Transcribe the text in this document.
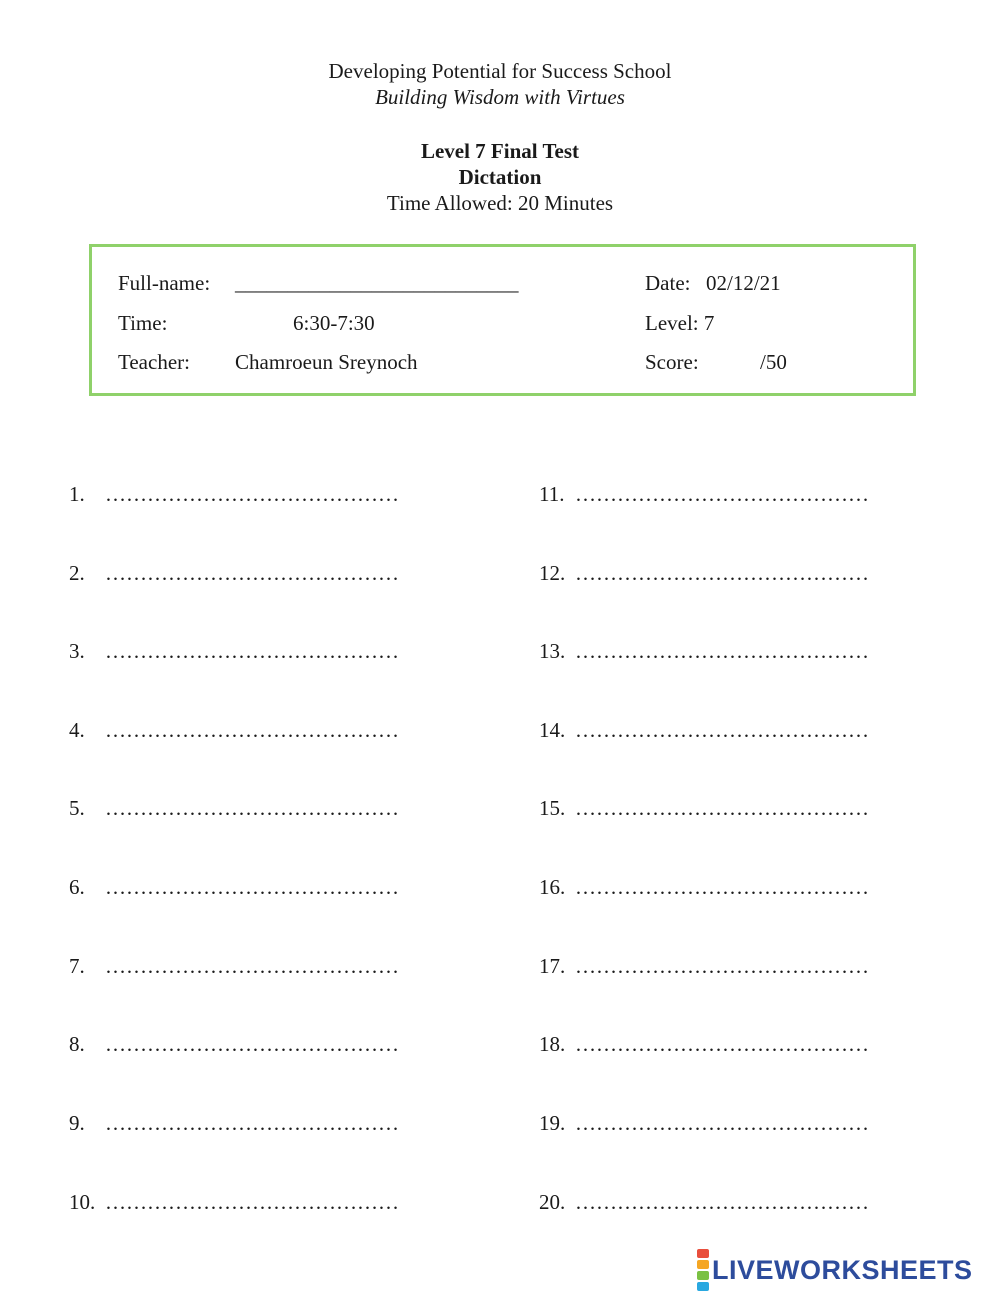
Developing Potential for Success School
Building Wisdom with Virtues
Level 7 Final Test
Dictation
Time Allowed: 20 Minutes
Full-name: ___________________________
Time:	6:30-7:30
Teacher: Chamroeun Sreynoch
Date: 02/12/21
Level: 7
Score:	/50
1. ……………………………………
2. ……………………………………
3. ……………………………………
4. ……………………………………
5. ……………………………………
6. ……………………………………
7. ……………………………………
8. ……………………………………
9. ……………………………………
10. ……………………………………
11. ……………………………………
12. ……………………………………
13. ……………………………………
14. ……………………………………
15. ……………………………………
16. ……………………………………
17. ……………………………………
18. ……………………………………
19. ……………………………………
20. ……………………………………
LIVEWORKSHEETS
